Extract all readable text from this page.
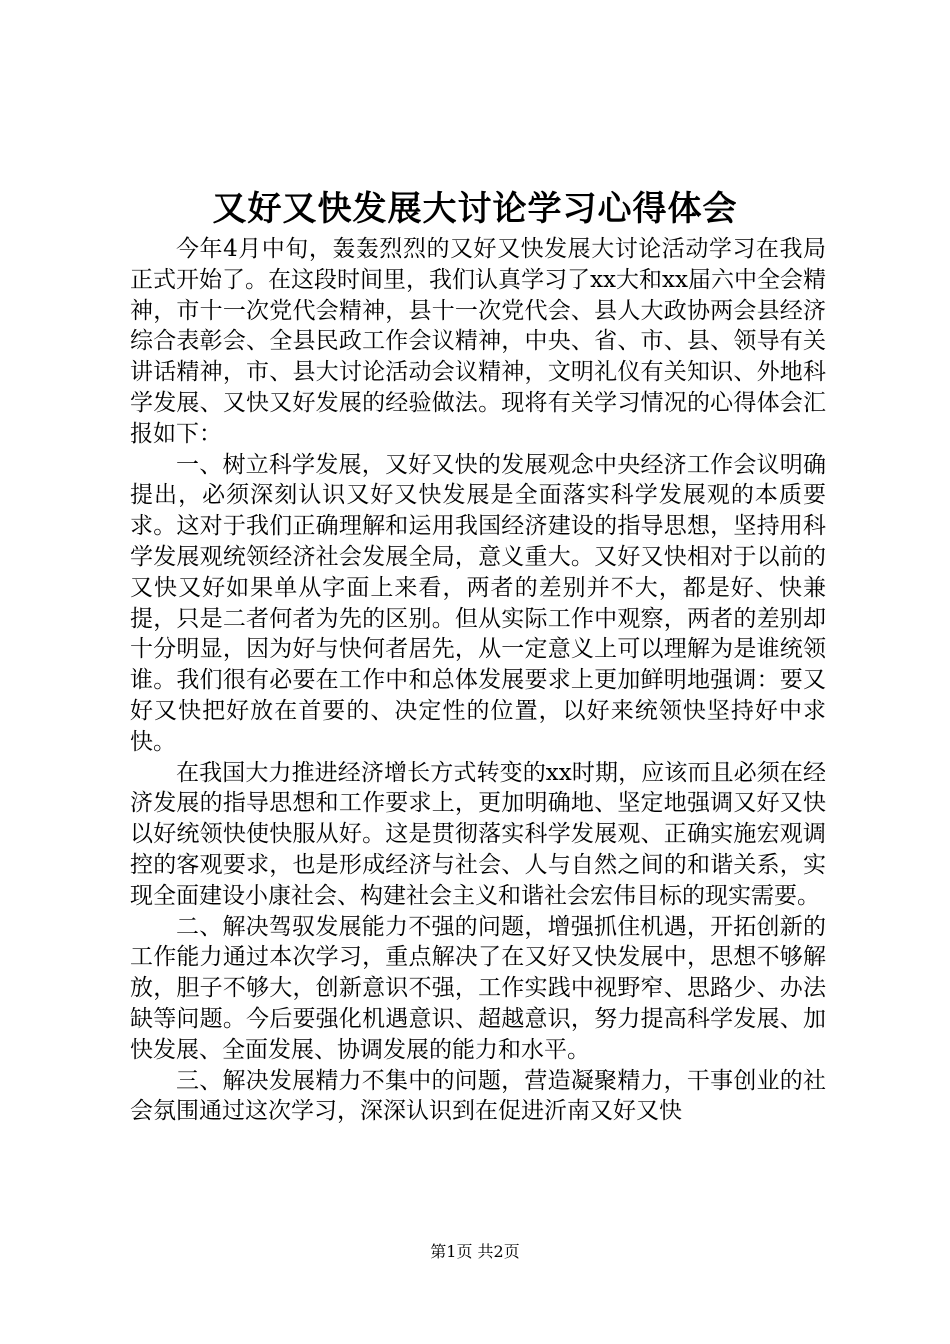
又好又快发展大讨论学习心得体会

今年4月中旬，轰轰烈烈的又好又快发展大讨论活动学习在我局正式开始了。在这段时间里，我们认真学习了xx大和xx届六中全会精神，市十一次党代会精神，县十一次党代会、县人大政协两会县经济综合表彰会、全县民政工作会议精神，中央、省、市、县、领导有关讲话精神，市、县大讨论活动会议精神，文明礼仪有关知识、外地科学发展、又快又好发展的经验做法。现将有关学习情况的心得体会汇报如下：

一、树立科学发展，又好又快的发展观念中央经济工作会议明确提出，必须深刻认识又好又快发展是全面落实科学发展观的本质要求。这对于我们正确理解和运用我国经济建设的指导思想，坚持用科学发展观统领经济社会发展全局，意义重大。又好又快相对于以前的又快又好如果单从字面上来看，两者的差别并不大，都是好、快兼提，只是二者何者为先的区别。但从实际工作中观察，两者的差别却十分明显，因为好与快何者居先，从一定意义上可以理解为是谁统领谁。我们很有必要在工作中和总体发展要求上更加鲜明地强调：要又好又快把好放在首要的、决定性的位置，以好来统领快坚持好中求快。

在我国大力推进经济增长方式转变的xx时期，应该而且必须在经济发展的指导思想和工作要求上，更加明确地、坚定地强调又好又快以好统领快使快服从好。这是贯彻落实科学发展观、正确实施宏观调控的客观要求，也是形成经济与社会、人与自然之间的和谐关系，实现全面建设小康社会、构建社会主义和谐社会宏伟目标的现实需要。

二、解决驾驭发展能力不强的问题，增强抓住机遇，开拓创新的工作能力通过本次学习，重点解决了在又好又快发展中，思想不够解放，胆子不够大，创新意识不强，工作实践中视野窄、思路少、办法缺等问题。今后要强化机遇意识、超越意识，努力提高科学发展、加快发展、全面发展、协调发展的能力和水平。

三、解决发展精力不集中的问题，营造凝聚精力，干事创业的社会氛围通过这次学习，深深认识到在促进沂南又好又快

第1页 共2页
